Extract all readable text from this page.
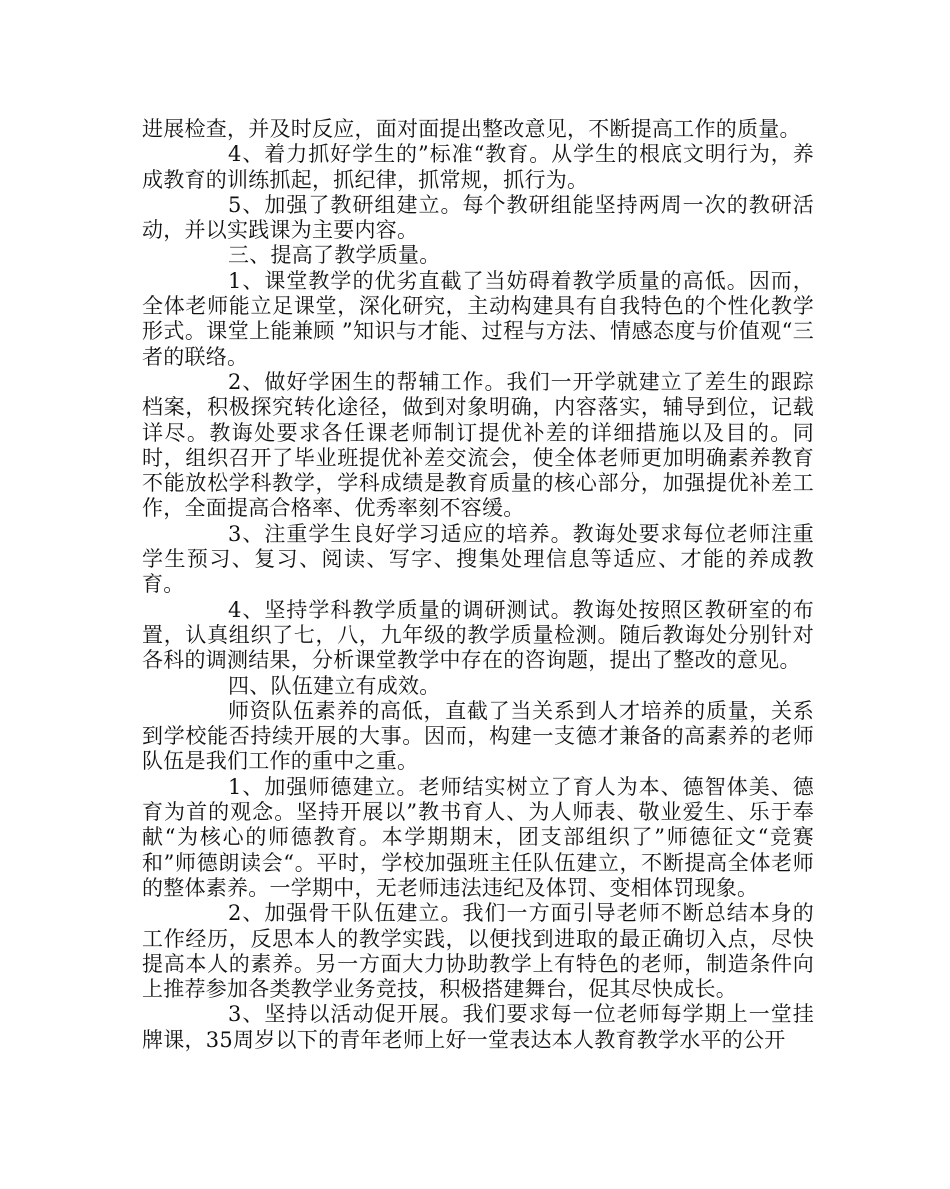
进展检查，并及时反应，面对面提出整改意见，不断提高工作的质量。

4、着力抓好学生的”标准“教育。从学生的根底文明行为，养成教育的训练抓起，抓纪律，抓常规，抓行为。

5、加强了教研组建立。每个教研组能坚持两周一次的教研活动，并以实践课为主要内容。

三、提高了教学质量。

1、课堂教学的优劣直截了当妨碍着教学质量的高低。因而，全体老师能立足课堂，深化研究，主动构建具有自我特色的个性化教学形式。课堂上能兼顾 ”知识与才能、过程与方法、情感态度与价值观“三者的联络。

2、做好学困生的帮辅工作。我们一开学就建立了差生的跟踪档案，积极探究转化途径，做到对象明确，内容落实，辅导到位，记载详尽。教诲处要求各任课老师制订提优补差的详细措施以及目的。同时，组织召开了毕业班提优补差交流会，使全体老师更加明确素养教育不能放松学科教学，学科成绩是教育质量的核心部分，加强提优补差工作，全面提高合格率、优秀率刻不容缓。

3、注重学生良好学习适应的培养。教诲处要求每位老师注重学生预习、复习、阅读、写字、搜集处理信息等适应、才能的养成教育。

4、坚持学科教学质量的调研测试。教诲处按照区教研室的布置，认真组织了七，八，九年级的教学质量检测。随后教诲处分别针对各科的调测结果，分析课堂教学中存在的咨询题，提出了整改的意见。

四、队伍建立有成效。

师资队伍素养的高低，直截了当关系到人才培养的质量，关系到学校能否持续开展的大事。因而，构建一支德才兼备的高素养的老师队伍是我们工作的重中之重。

1、加强师德建立。老师结实树立了育人为本、德智体美、德育为首的观念。坚持开展以”教书育人、为人师表、敬业爱生、乐于奉献“为核心的师德教育。本学期期末，团支部组织了”师德征文“竞赛和”师德朗读会“。平时，学校加强班主任队伍建立，不断提高全体老师的整体素养。一学期中，无老师违法违纪及体罚、变相体罚现象。

2、加强骨干队伍建立。我们一方面引导老师不断总结本身的工作经历，反思本人的教学实践，以便找到进取的最正确切入点，尽快提高本人的素养。另一方面大力协助教学上有特色的老师，制造条件向上推荐参加各类教学业务竞技，积极搭建舞台，促其尽快成长。

3、坚持以活动促开展。我们要求每一位老师每学期上一堂挂牌课，35周岁以下的青年老师上好一堂表达本人教育教学水平的公开
